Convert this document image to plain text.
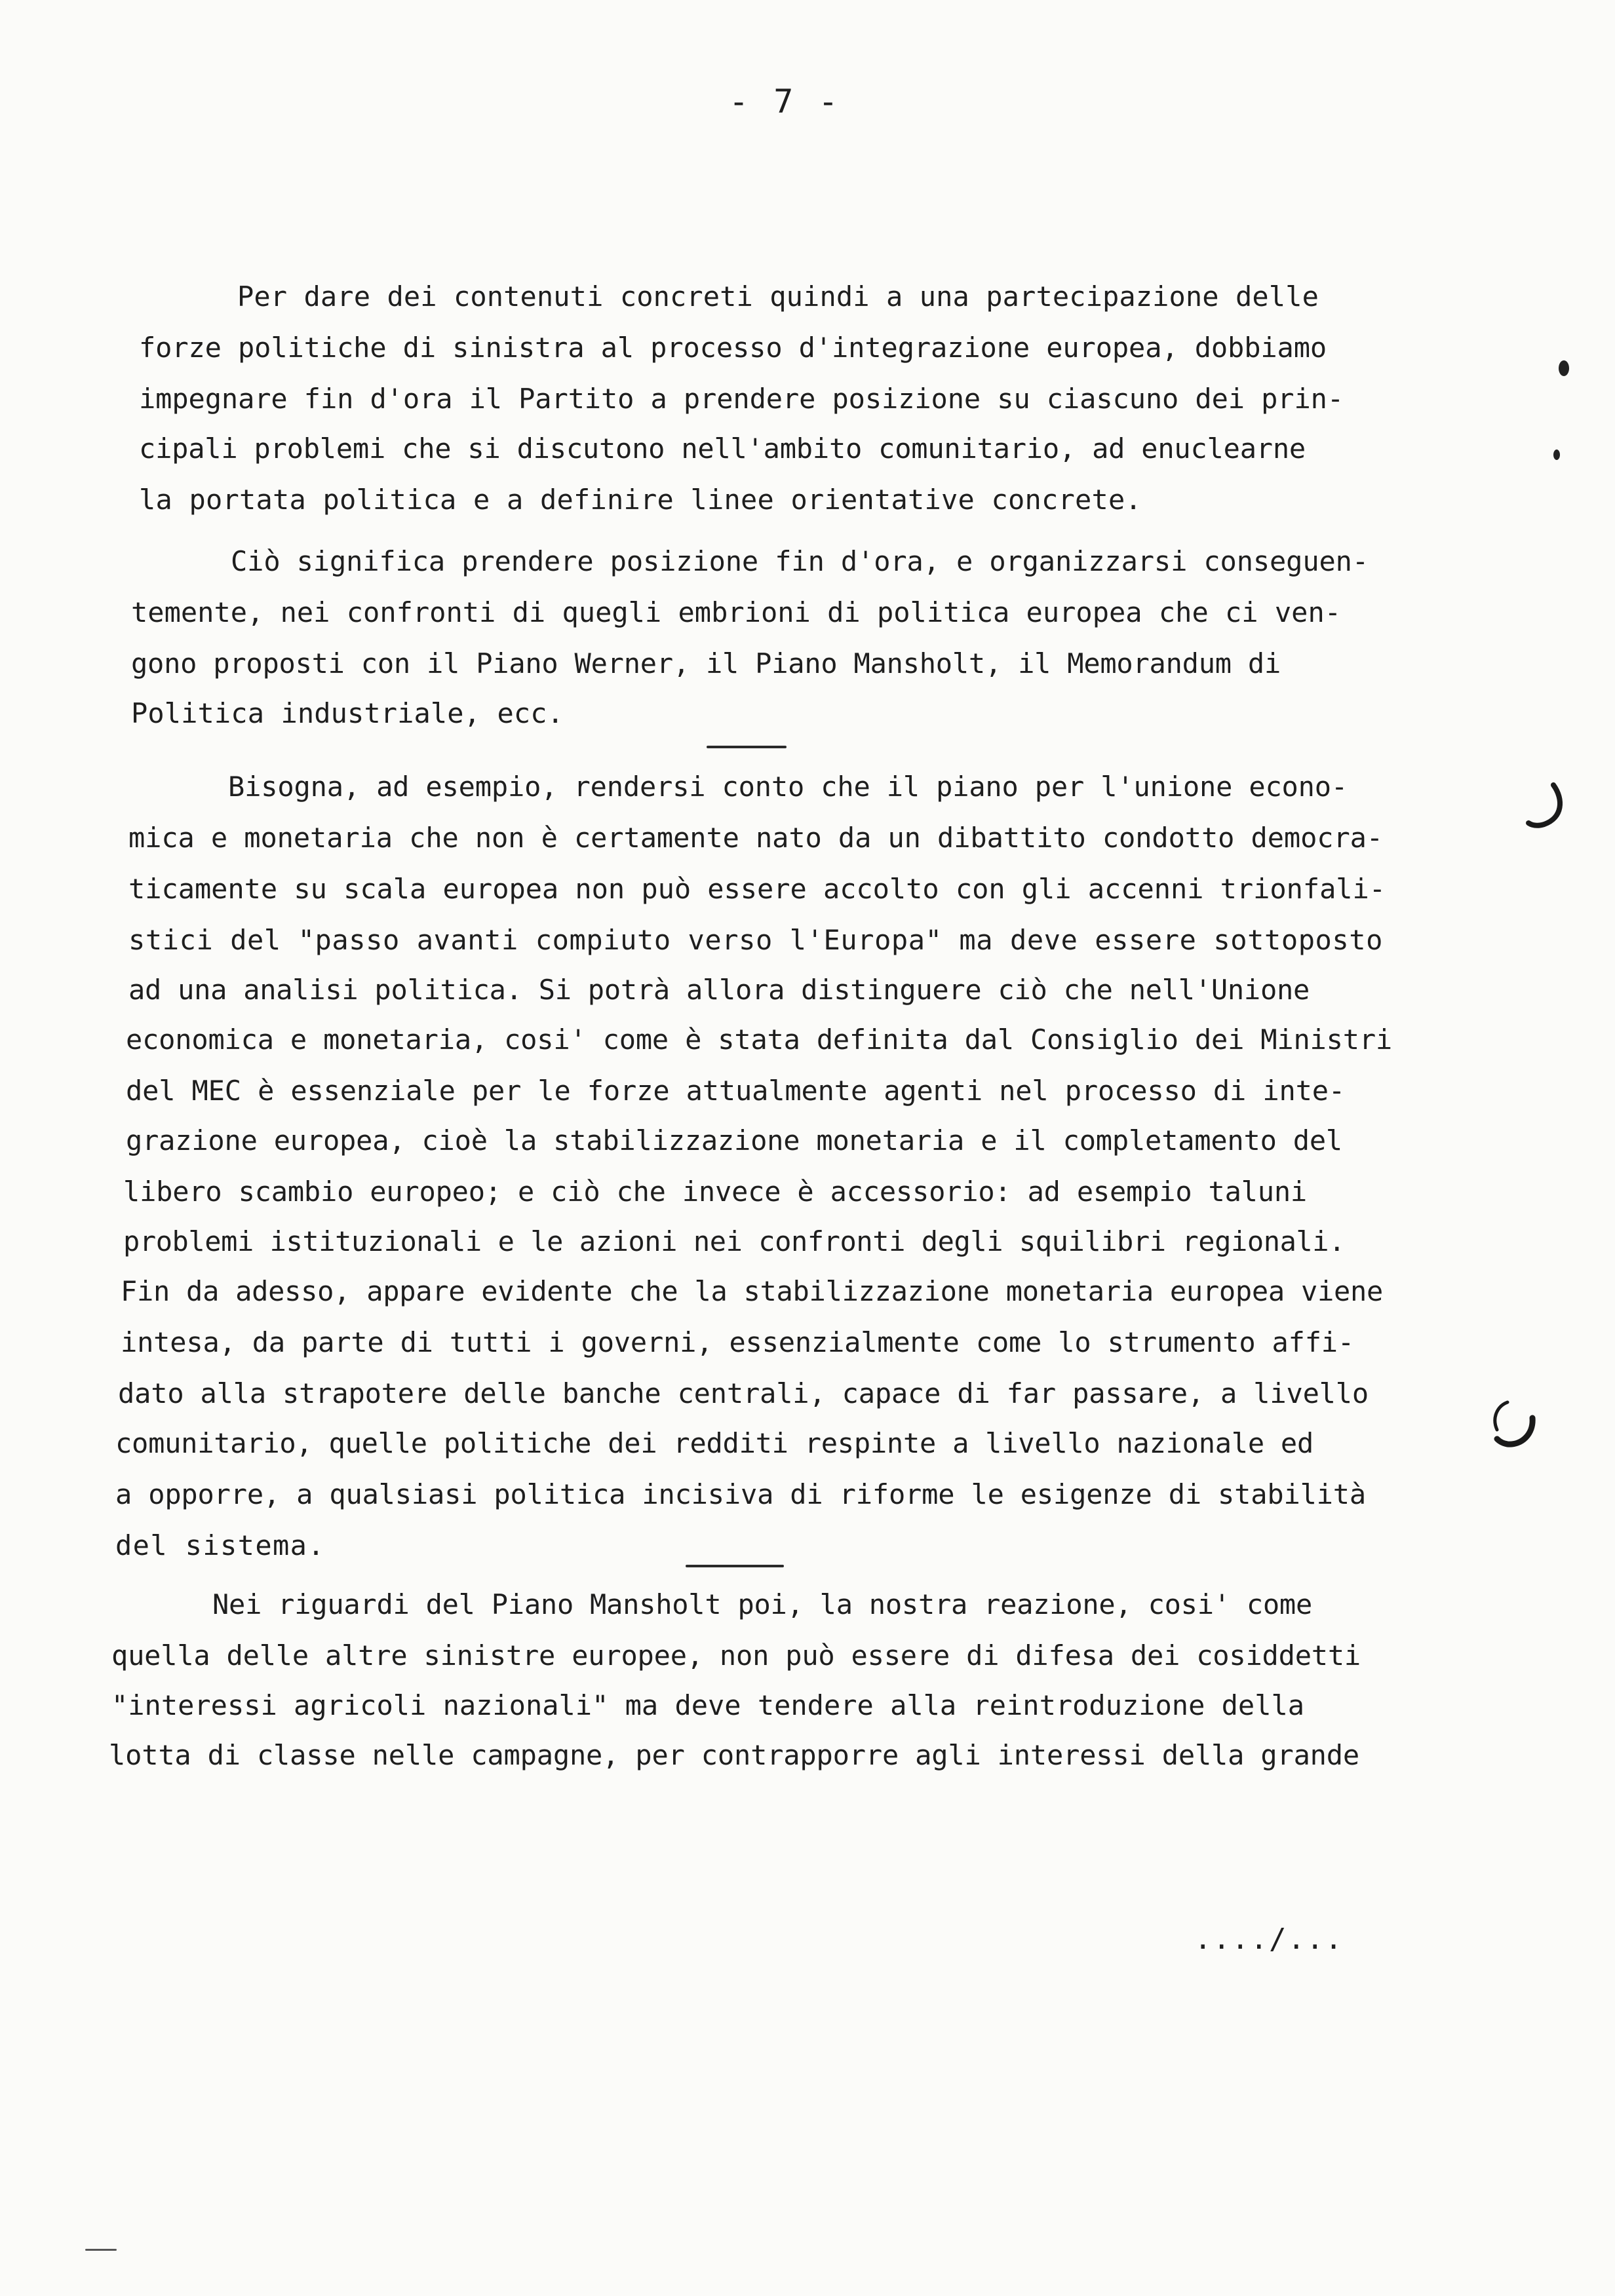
- 7 -
Per dare dei contenuti concreti quindi a una partecipazione delle
forze politiche di sinistra al processo d'integrazione europea, dobbiamo
impegnare fin d'ora il Partito a prendere posizione su ciascuno dei prin-
cipali problemi che si discutono nell'ambito comunitario, ad enuclearne
la portata politica e a definire linee orientative concrete.
Ciò significa prendere posizione fin d'ora, e organizzarsi conseguen-
temente, nei confronti di quegli embrioni di politica europea che ci ven-
gono proposti con il Piano Werner, il Piano Mansholt, il Memorandum di
Politica industriale, ecc.
Bisogna, ad esempio, rendersi conto che il piano per l'unione econo-
mica e monetaria che non è certamente nato da un dibattito condotto democra-
ticamente su scala europea non può essere accolto con gli accenni trionfali-
stici del "passo avanti compiuto verso l'Europa" ma deve essere sottoposto
ad una analisi politica. Si potrà allora distinguere ciò che nell'Unione
economica e monetaria, cosi' come è stata definita dal Consiglio dei Ministri
del MEC è essenziale per le forze attualmente agenti nel processo di inte-
grazione europea, cioè la stabilizzazione monetaria e il completamento del
libero scambio europeo; e ciò che invece è accessorio: ad esempio taluni
problemi istituzionali e le azioni nei confronti degli squilibri regionali.
Fin da adesso, appare evidente che la stabilizzazione monetaria europea viene
intesa, da parte di tutti i governi, essenzialmente come lo strumento affi-
dato alla strapotere delle banche centrali, capace di far passare, a livello
comunitario, quelle politiche dei redditi respinte a livello nazionale ed
a opporre, a qualsiasi politica incisiva di riforme le esigenze di stabilità
del sistema.
Nei riguardi del Piano Mansholt poi, la nostra reazione, cosi' come
quella delle altre sinistre europee, non può essere di difesa dei cosiddetti
"interessi agricoli nazionali" ma deve tendere alla reintroduzione della
lotta di classe nelle campagne, per contrapporre agli interessi della grande
..../...
